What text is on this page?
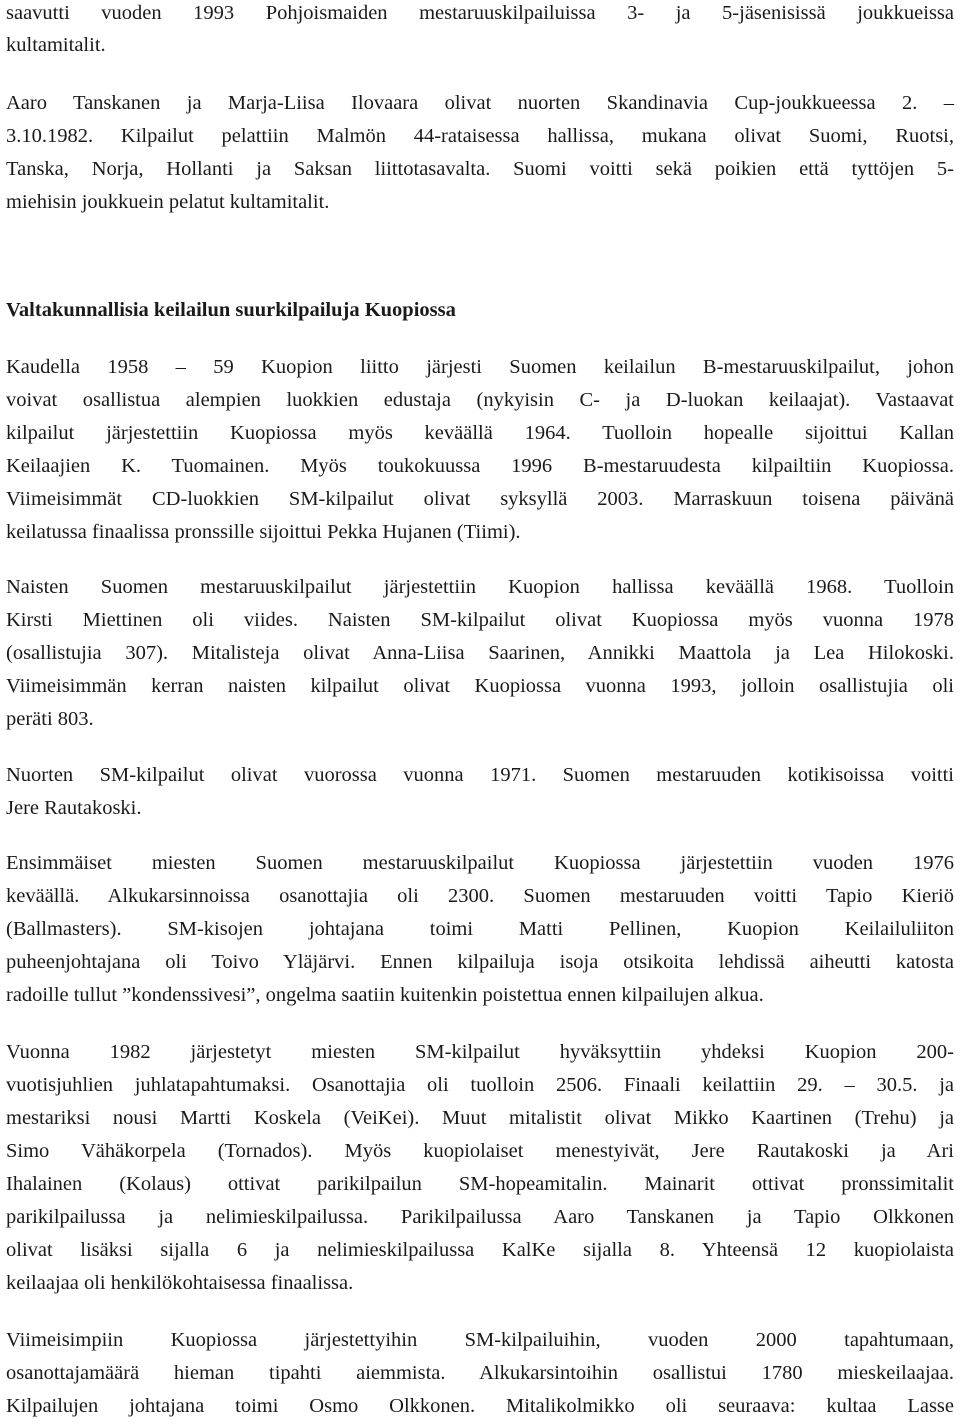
saavutti vuoden 1993 Pohjoismaiden mestaruuskilpailuissa 3- ja 5-jäsenisissä joukkueissa
kultamitalit.
Aaro Tanskanen ja Marja-Liisa Ilovaara olivat nuorten Skandinavia Cup-joukkueessa 2. –
3.10.1982. Kilpailut pelattiin Malmön 44-rataisessa hallissa, mukana olivat Suomi, Ruotsi,
Tanska, Norja, Hollanti ja Saksan liittotasavalta. Suomi voitti sekä poikien että tyttöjen 5-
miehisin joukkuein pelatut kultamitalit.
Valtakunnallisia keilailun suurkilpailuja Kuopiossa
Kaudella 1958 – 59 Kuopion liitto järjesti Suomen keilailun B-mestaruuskilpailut, johon
voivat osallistua alempien luokkien edustaja (nykyisin C- ja D-luokan keilaajat). Vastaavat
kilpailut järjestettiin Kuopiossa myös keväällä 1964. Tuolloin hopealle sijoittui Kallan
Keilaajien K. Tuomainen. Myös toukokuussa 1996 B-mestaruudesta kilpailtiin Kuopiossa.
Viimeisimmät CD-luokkien SM-kilpailut olivat syksyllä 2003. Marraskuun toisena päivänä
keilatussa finaalissa pronssille sijoittui Pekka Hujanen (Tiimi).
Naisten Suomen mestaruuskilpailut järjestettiin Kuopion hallissa keväällä 1968. Tuolloin
Kirsti Miettinen oli viides. Naisten SM-kilpailut olivat Kuopiossa myös vuonna 1978
(osallistujia 307). Mitalisteja olivat Anna-Liisa Saarinen, Annikki Maattola ja Lea Hilokoski.
Viimeisimmän kerran naisten kilpailut olivat Kuopiossa vuonna 1993, jolloin osallistujia oli
peräti 803.
Nuorten SM-kilpailut olivat vuorossa vuonna 1971. Suomen mestaruuden kotikisoissa voitti
Jere Rautakoski.
Ensimmäiset miesten Suomen mestaruuskilpailut Kuopiossa järjestettiin vuoden 1976
keväällä. Alkukarsinnoissa osanottajia oli 2300. Suomen mestaruuden voitti Tapio Kieriö
(Ballmasters). SM-kisojen johtajana toimi Matti Pellinen, Kuopion Keilailuliiton
puheenjohtajana oli Toivo Yläjärvi. Ennen kilpailuja isoja otsikoita lehdissä aiheutti katosta
radoille tullut ”kondenssivesi”, ongelma saatiin kuitenkin poistettua ennen kilpailujen alkua.
Vuonna 1982 järjestetyt miesten SM-kilpailut hyväksyttiin yhdeksi Kuopion 200-
vuotisjuhlien juhlatapahtumaksi. Osanottajia oli tuolloin 2506. Finaali keilattiin 29. – 30.5. ja
mestariksi nousi Martti Koskela (VeiKei). Muut mitalistit olivat Mikko Kaartinen (Trehu) ja
Simo Vähäkorpela (Tornados). Myös kuopiolaiset menestyivät, Jere Rautakoski ja Ari
Ihalainen (Kolaus) ottivat parikilpailun SM-hopeamitalin. Mainarit ottivat pronssimitalit
parikilpailussa ja nelimieskilpailussa. Parikilpailussa Aaro Tanskanen ja Tapio Olkkonen
olivat lisäksi sijalla 6 ja nelimieskilpailussa KalKe sijalla 8. Yhteensä 12 kuopiolaista
keilaajaa oli henkilökohtaisessa finaalissa.
Viimeisimpiin Kuopiossa järjestettyihin SM-kilpailuihin, vuoden 2000 tapahtumaan,
osanottajamäärä hieman tipahti aiemmista. Alkukarsintoihin osallistui 1780 mieskeilaajaa.
Kilpailujen johtajana toimi Osmo Olkkonen. Mitalikolmikko oli seuraava: kultaa Lasse
